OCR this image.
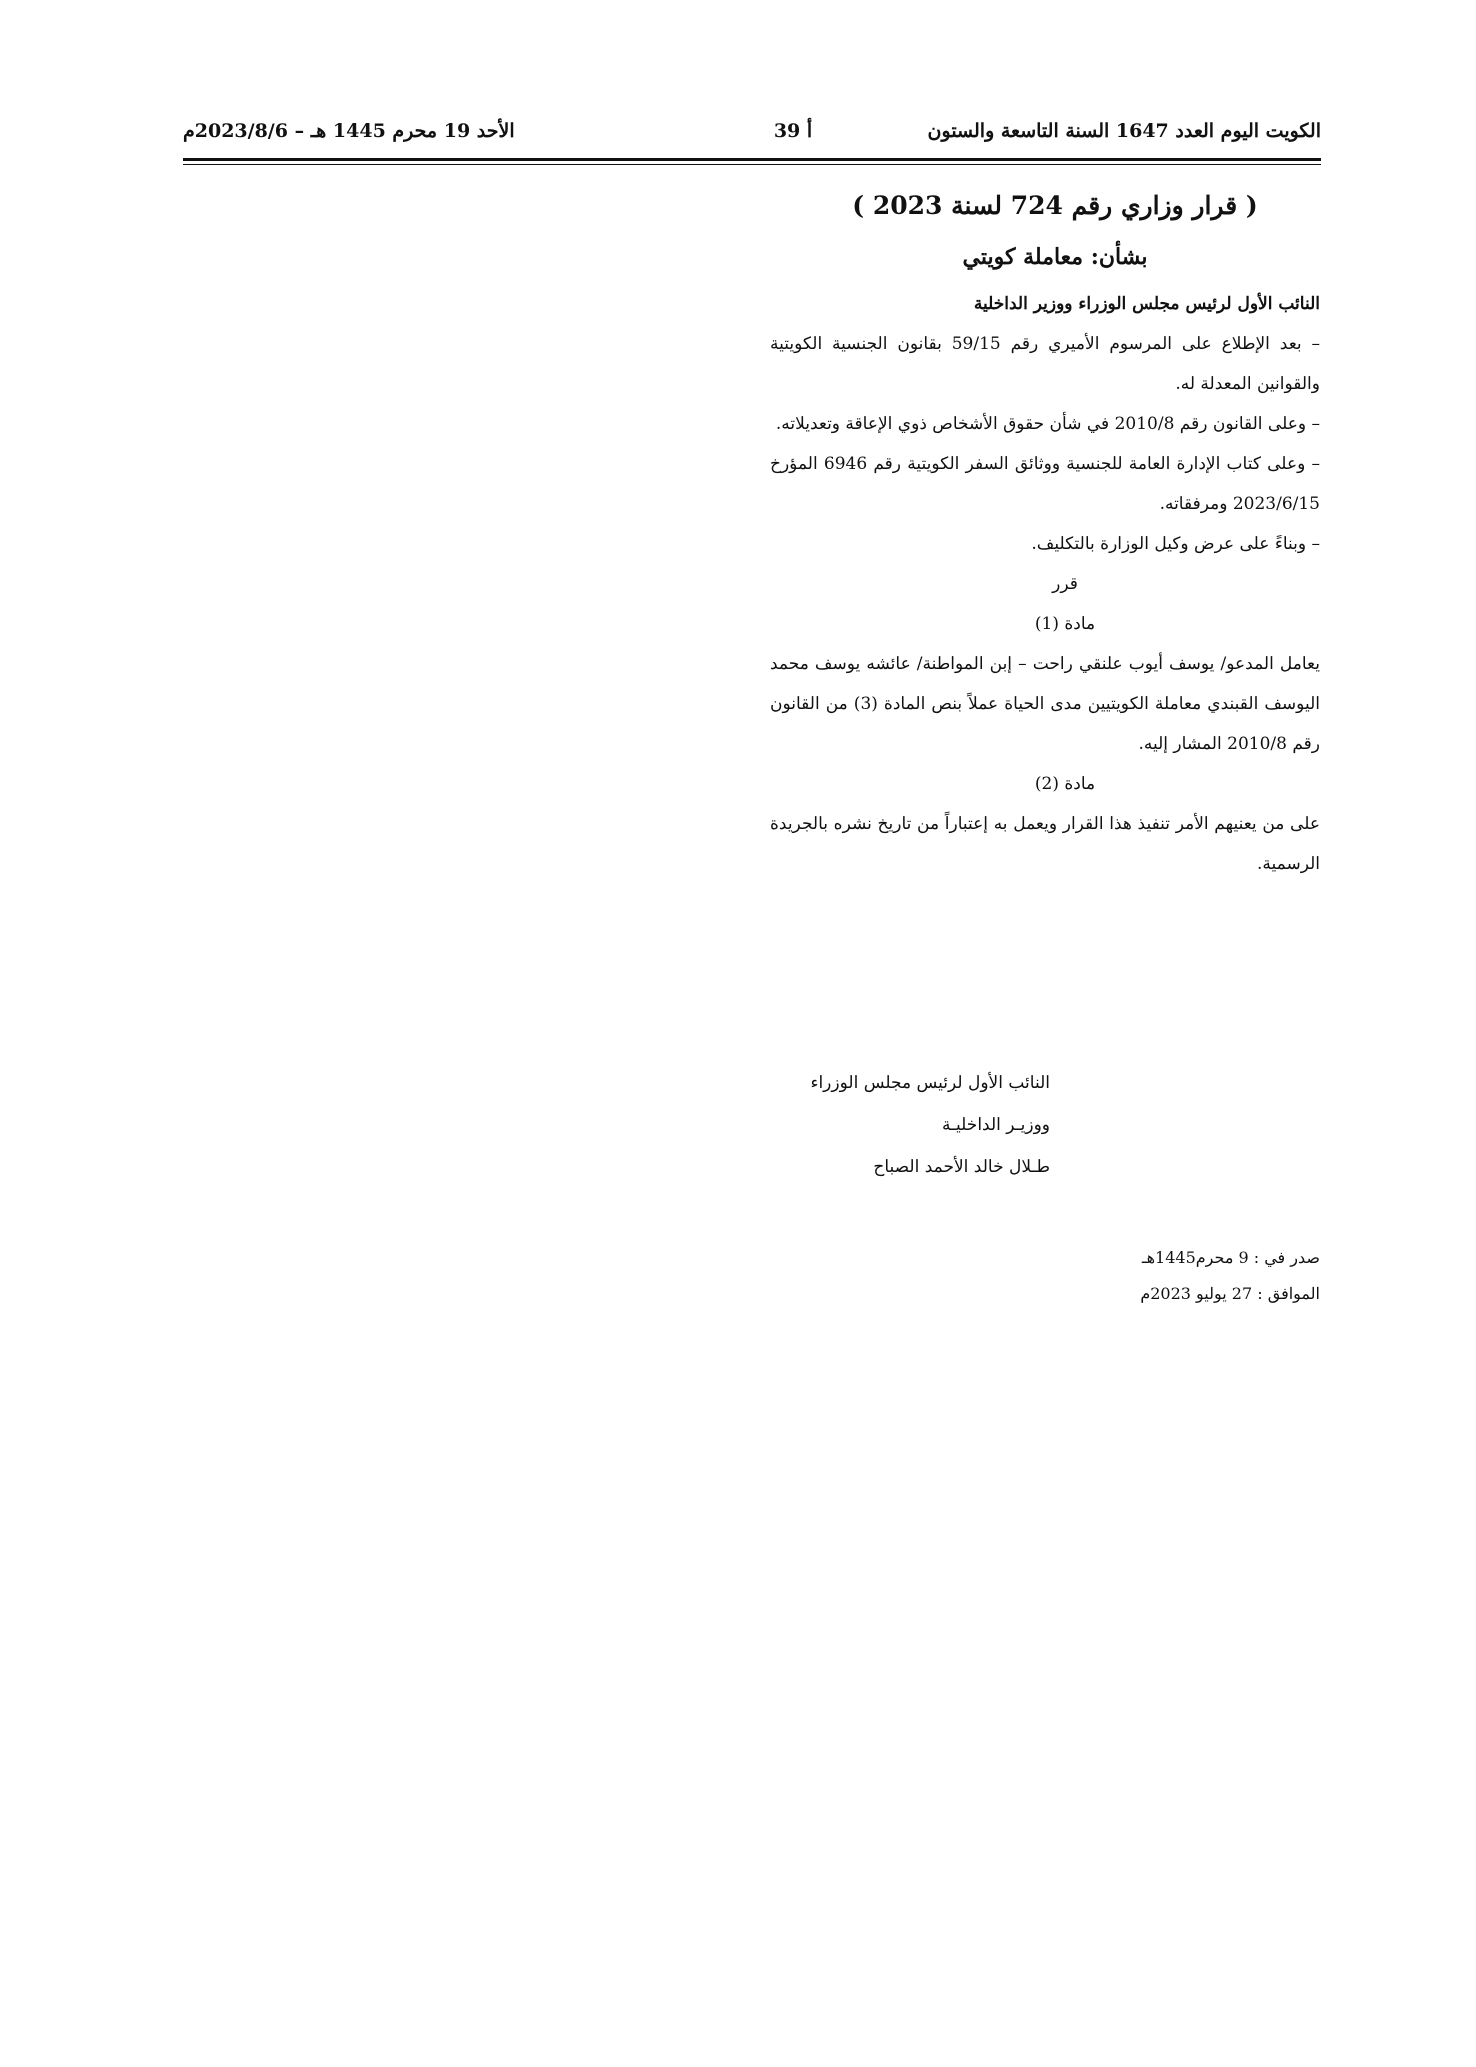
الكويت اليوم العدد 1647 السنة التاسعة والستون
أ 39
الأحد 19 محرم 1445 هـ – 2023/8/6م

( قرار وزاري رقم 724 لسنة 2023 )

بشأن: معاملة كويتي

النائب الأول لرئيس مجلس الوزراء ووزير الداخلية

– بعد الإطلاع على المرسوم الأميري رقم 59/15 بقانون الجنسية الكويتية والقوانين المعدلة له.

– وعلى القانون رقم 2010/8 في شأن حقوق الأشخاص ذوي الإعاقة وتعديلاته.

– وعلى كتاب الإدارة العامة للجنسية ووثائق السفر الكويتية رقم 6946 المؤرخ 2023/6/15 ومرفقاته.

– وبناءً على عرض وكيل الوزارة بالتكليف.

قرر

مادة (1)

يعامل المدعو/ يوسف أيوب علنقي راحت – إبن المواطنة/ عائشه يوسف محمد اليوسف القبندي معاملة الكويتيين مدى الحياة عملاً بنص المادة (3) من القانون رقم 2010/8 المشار إليه.

مادة (2)

على من يعنيهم الأمر تنفيذ هذا القرار ويعمل به إعتباراً من تاريخ نشره بالجريدة الرسمية.

النائب الأول لرئيس مجلس الوزراء
ووزيـر الداخليـة
طـلال خالد الأحمد الصباح
صدر في : 9 محرم1445هـ
الموافق : 27 يوليو 2023م
